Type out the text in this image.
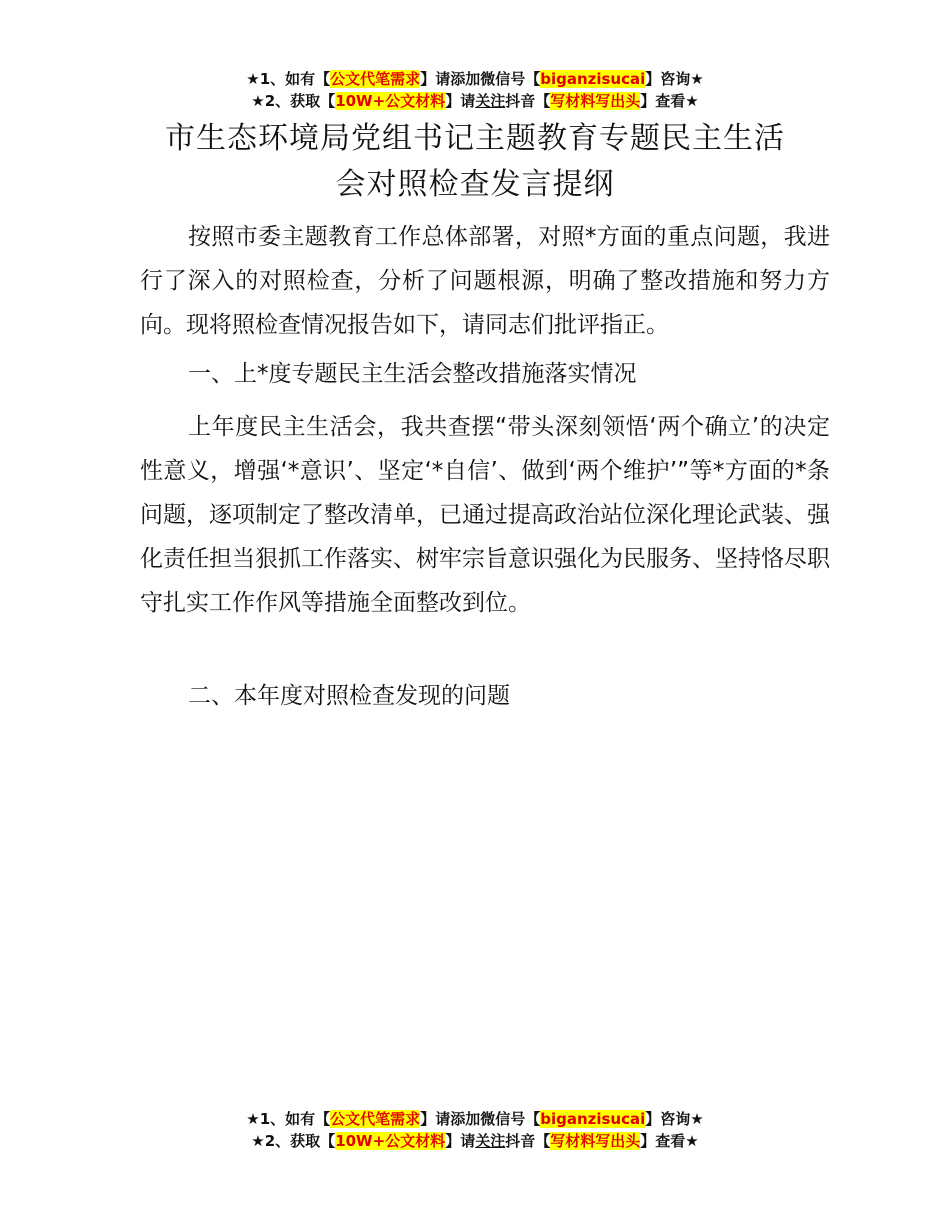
★1、如有【公文代笔需求】请添加微信号【biganzisucai】咨询★
★2、获取【10W+公文材料】请关注抖音【写材料写出头】查看★
市生态环境局党组书记主题教育专题民主生活
会对照检查发言提纲

按照市委主题教育工作总体部署，对照*方面的重点问题，我进行了深入的对照检查，分析了问题根源，明确了整改措施和努力方向。现将照检查情况报告如下，请同志们批评指正。

一、上*度专题民主生活会整改措施落实情况

上年度民主生活会，我共查摆“带头深刻领悟‘两个确立’的决定性意义，增强‘*意识’、坚定‘*自信’、做到‘两个维护’”等*方面的*条问题，逐项制定了整改清单，已通过提高政治站位深化理论武装、强化责任担当狠抓工作落实、树牢宗旨意识强化为民服务、坚持恪尽职守扎实工作作风等措施全面整改到位。

二、本年度对照检查发现的问题

★1、如有【公文代笔需求】请添加微信号【biganzisucai】咨询★
★2、获取【10W+公文材料】请关注抖音【写材料写出头】查看★
